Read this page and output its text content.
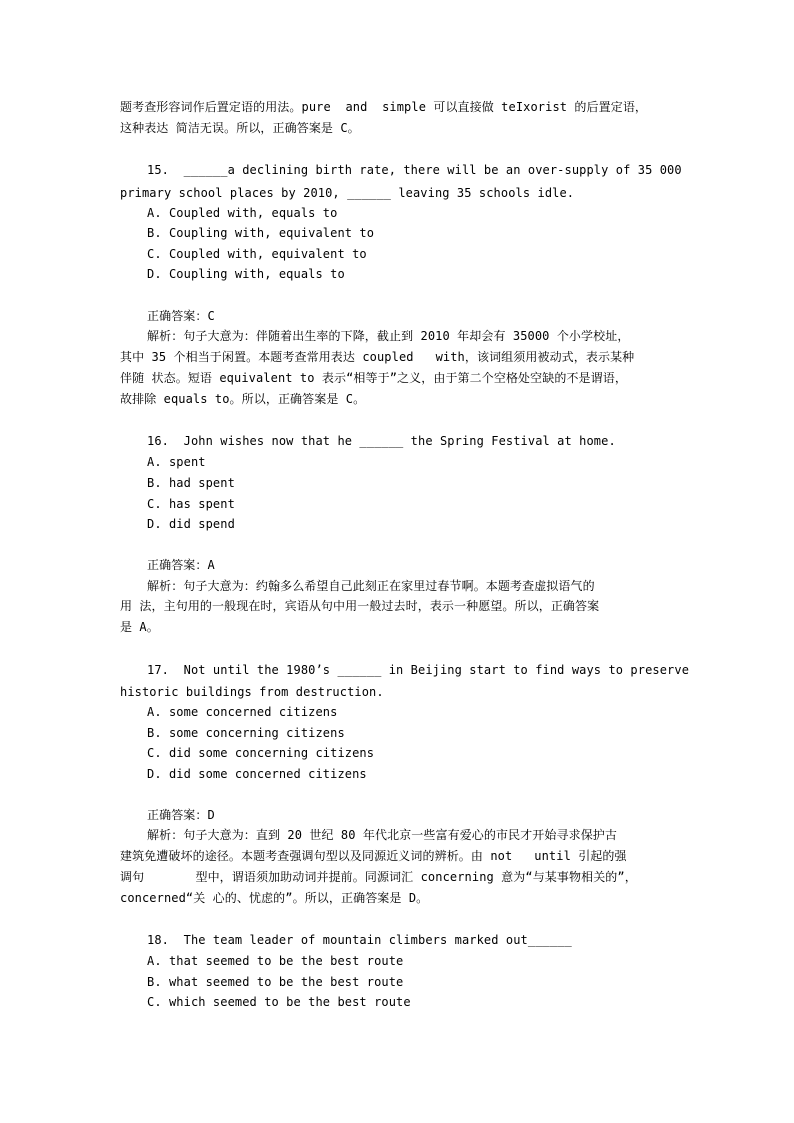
题考查形容词作后置定语的用法。pure  and  simple 可以直接做 teIxorist 的后置定语，
这种表达 简洁无误。所以，正确答案是 C。
15.  ______a declining birth rate, there will be an over-supply of 35 000
primary school places by 2010, ______ leaving 35 schools idle.
A. Coupled with, equals to
B. Coupling with, equivalent to
C. Coupled with, equivalent to
D. Coupling with, equals to
正确答案：C
解析：句子大意为：伴随着出生率的下降，截止到 2010 年却会有 35000 个小学校址，
其中 35 个相当于闲置。本题考查常用表达 coupled   with，该词组须用被动式，表示某种
伴随 状态。短语 equivalent to 表示“相等于”之义，由于第二个空格处空缺的不是谓语，
故排除 equals to。所以，正确答案是 C。
16.  John wishes now that he ______ the Spring Festival at home.
A. spent
B. had spent
C. has spent
D. did spend
正确答案：A
解析：句子大意为：约翰多么希望自己此刻正在家里过春节啊。本题考查虚拟语气的
用 法，主句用的一般现在时，宾语从句中用一般过去时，表示一种愿望。所以，正确答案
是 A。
17.  Not until the 1980’s ______ in Beijing start to find ways to preserve
historic buildings from destruction.
A. some concerned citizens
B. some concerning citizens
C. did some concerning citizens
D. did some concerned citizens
正确答案：D
解析：句子大意为：直到 20 世纪 80 年代北京一些富有爱心的市民才开始寻求保护古
建筑免遭破坏的途径。本题考查强调句型以及同源近义词的辨析。由 not   until 引起的强
调句       型中，谓语须加助动词并提前。同源词汇 concerning 意为“与某事物相关的”，
concerned“关 心的、忧虑的”。所以，正确答案是 D。
18.  The team leader of mountain climbers marked out______
A. that seemed to be the best route
B. what seemed to be the best route
C. which seemed to be the best route
